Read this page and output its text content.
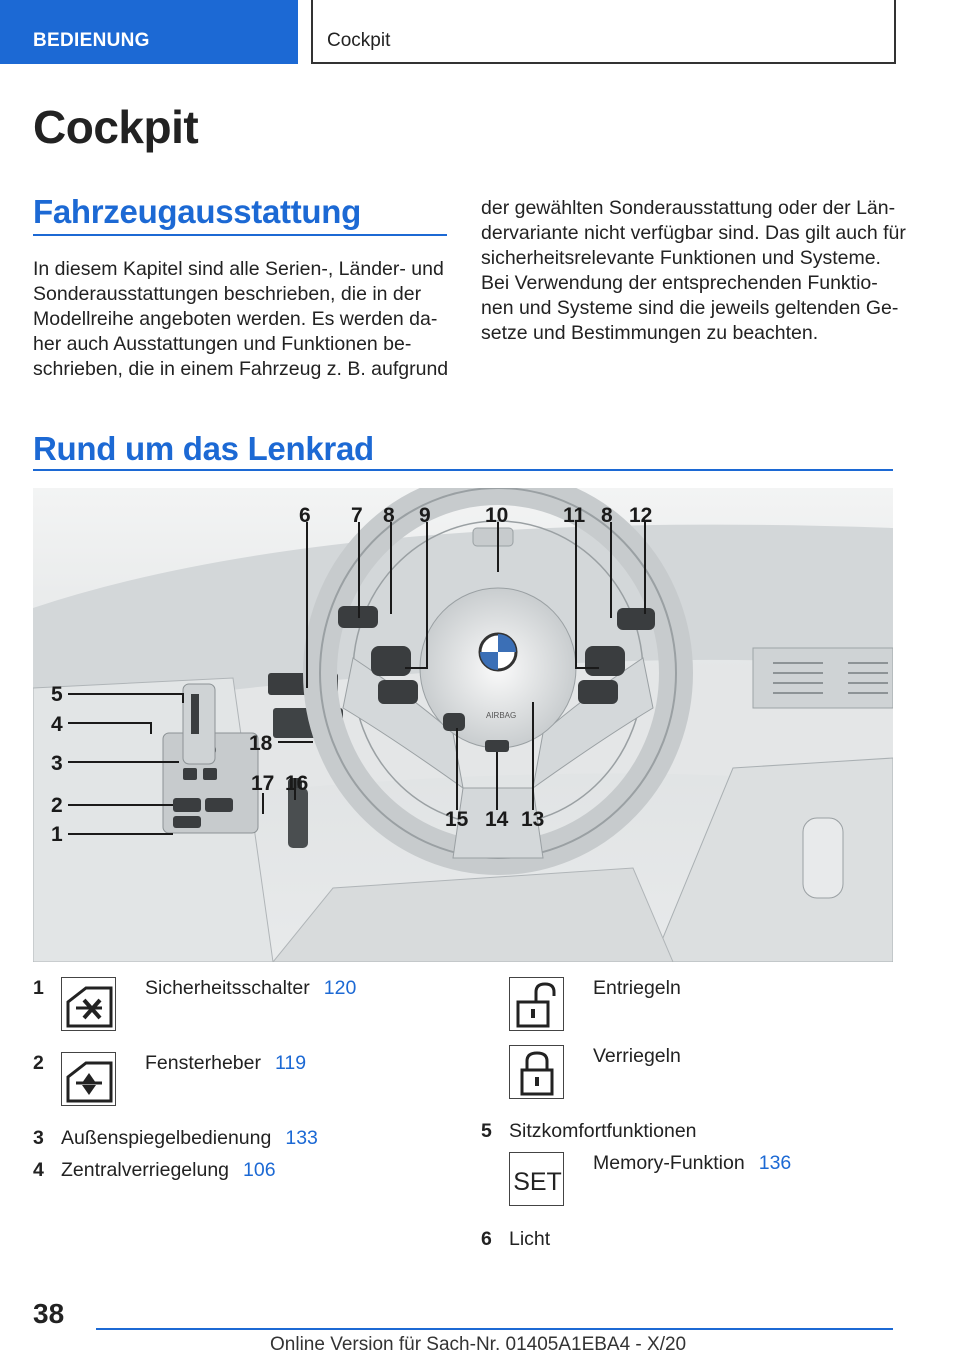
BEDIENUNG	Cockpit
Cockpit
Fahrzeugausstattung
In diesem Kapitel sind alle Serien-, Länder- und
Sonderausstattungen beschrieben, die in der
Modellreihe angeboten werden. Es werden da-
her auch Ausstattungen und Funktionen be-
schrieben, die in einem Fahrzeug z. B. aufgrund
der gewählten Sonderausstattung oder der Län-
dervariante nicht verfügbar sind. Das gilt auch für
sicherheitsrelevante Funktionen und Systeme.
Bei Verwendung der entsprechenden Funktio-
nen und Systeme sind die jeweils geltenden Ge-
setze und Bestimmungen zu beachten.
Rund um das Lenkrad
5
4
3
2
1
6 7 8 9	10	11 8 12
13
14
15
16
17
18
AIRBAG
1	Sicherheitsschalter 120
2	Fensterheber 119
3 Außenspiegelbedienung 133
4 Zentralverriegelung 106
Entriegeln
Verriegeln
5 Sitzkomfortfunktionen
SET
Memory-Funktion 136
6 Licht
38
Online Version für Sach-Nr. 01405A1EBA4 - X/20
